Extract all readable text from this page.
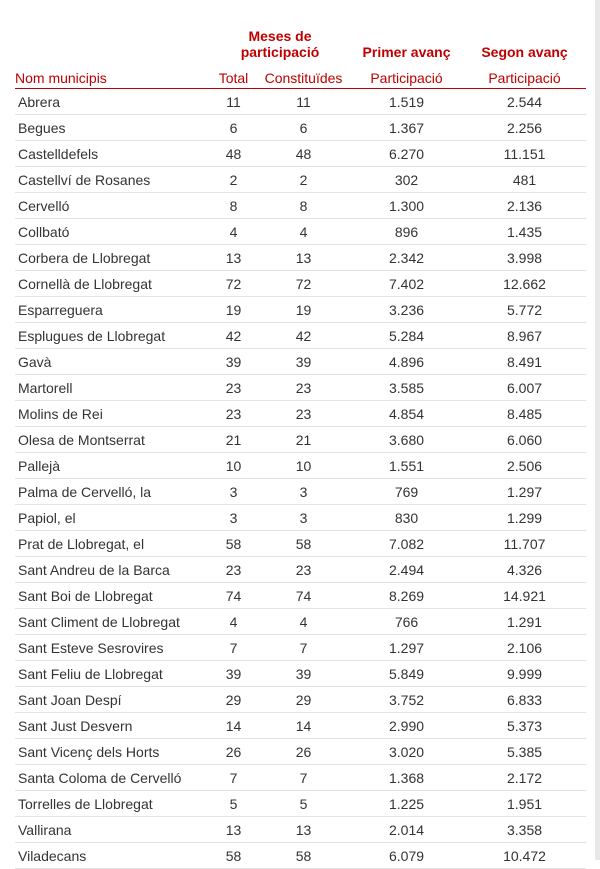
	Meses de participació		Primer avanç	Segon avanç
Nom municipis	Total	Constituïdes	Participació	Participació
Abrera	11	11	1.519	2.544
Begues	6	6	1.367	2.256
Castelldefels	48	48	6.270	11.151
Castellví de Rosanes	2	2	302	481
Cervelló	8	8	1.300	2.136
Collbató	4	4	896	1.435
Corbera de Llobregat	13	13	2.342	3.998
Cornellà de Llobregat	72	72	7.402	12.662
Esparreguera	19	19	3.236	5.772
Esplugues de Llobregat	42	42	5.284	8.967
Gavà	39	39	4.896	8.491
Martorell	23	23	3.585	6.007
Molins de Rei	23	23	4.854	8.485
Olesa de Montserrat	21	21	3.680	6.060
Pallejà	10	10	1.551	2.506
Palma de Cervelló, la	3	3	769	1.297
Papiol, el	3	3	830	1.299
Prat de Llobregat, el	58	58	7.082	11.707
Sant Andreu de la Barca	23	23	2.494	4.326
Sant Boi de Llobregat	74	74	8.269	14.921
Sant Climent de Llobregat	4	4	766	1.291
Sant Esteve Sesrovires	7	7	1.297	2.106
Sant Feliu de Llobregat	39	39	5.849	9.999
Sant Joan Despí	29	29	3.752	6.833
Sant Just Desvern	14	14	2.990	5.373
Sant Vicenç dels Horts	26	26	3.020	5.385
Santa Coloma de Cervelló	7	7	1.368	2.172
Torrelles de Llobregat	5	5	1.225	1.951
Vallirana	13	13	2.014	3.358
Viladecans	58	58	6.079	10.472
